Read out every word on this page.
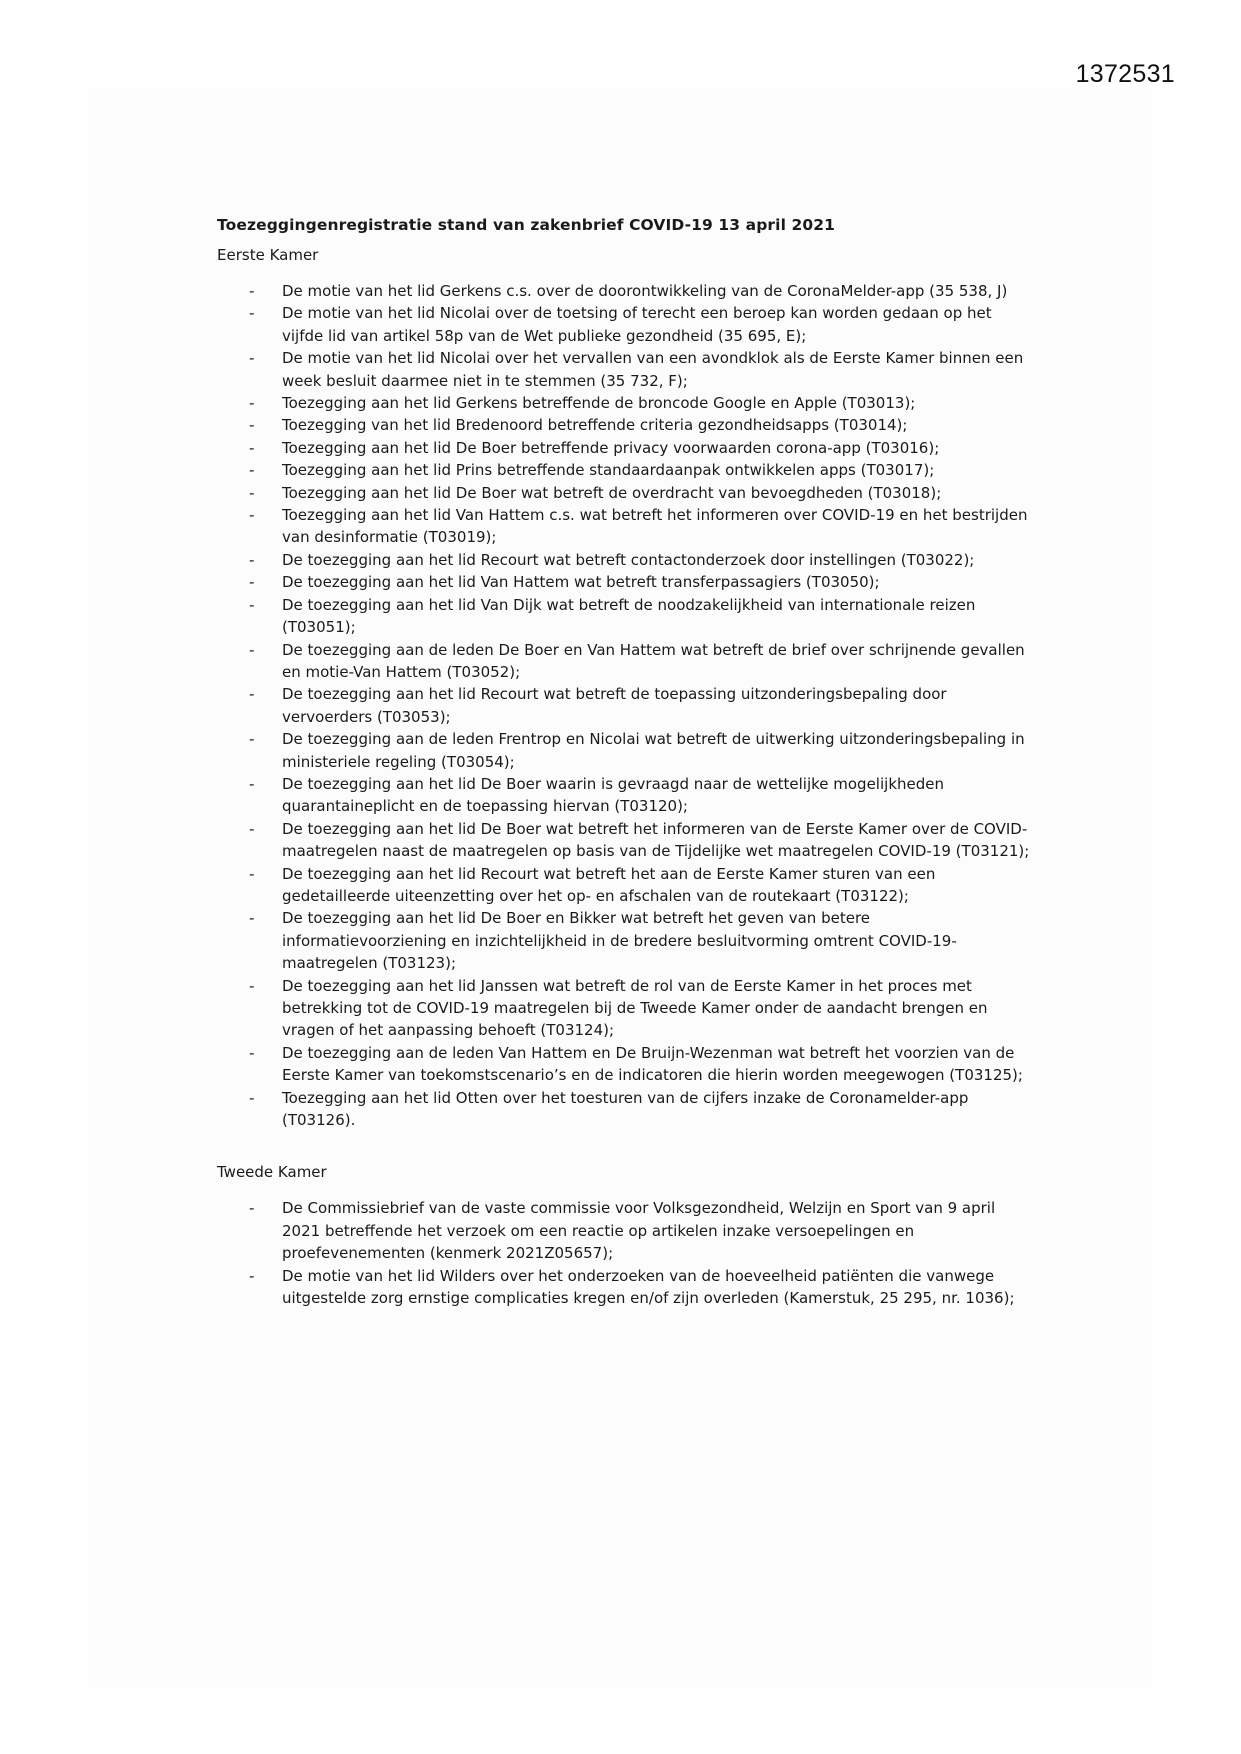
1372531
Toezeggingenregistratie stand van zakenbrief COVID-19 13 april 2021
Eerste Kamer
- De motie van het lid Gerkens c.s. over de doorontwikkeling van de CoronaMelder-app (35 538, J)
- De motie van het lid Nicolai over de toetsing of terecht een beroep kan worden gedaan op het vijfde lid van artikel 58p van de Wet publieke gezondheid (35 695, E);
- De motie van het lid Nicolai over het vervallen van een avondklok als de Eerste Kamer binnen een week besluit daarmee niet in te stemmen (35 732, F);
- Toezegging aan het lid Gerkens betreffende de broncode Google en Apple (T03013);
- Toezegging van het lid Bredenoord betreffende criteria gezondheidsapps (T03014);
- Toezegging aan het lid De Boer betreffende privacy voorwaarden corona-app (T03016);
- Toezegging aan het lid Prins betreffende standaardaanpak ontwikkelen apps (T03017);
- Toezegging aan het lid De Boer wat betreft de overdracht van bevoegdheden (T03018);
- Toezegging aan het lid Van Hattem c.s. wat betreft het informeren over COVID-19 en het bestrijden van desinformatie (T03019);
- De toezegging aan het lid Recourt wat betreft contactonderzoek door instellingen (T03022);
- De toezegging aan het lid Van Hattem wat betreft transferpassagiers (T03050);
- De toezegging aan het lid Van Dijk wat betreft de noodzakelijkheid van internationale reizen (T03051);
- De toezegging aan de leden De Boer en Van Hattem wat betreft de brief over schrijnende gevallen en motie-Van Hattem (T03052);
- De toezegging aan het lid Recourt wat betreft de toepassing uitzonderingsbepaling door vervoerders (T03053);
- De toezegging aan de leden Frentrop en Nicolai wat betreft de uitwerking uitzonderingsbepaling in ministeriele regeling (T03054);
- De toezegging aan het lid De Boer waarin is gevraagd naar de wettelijke mogelijkheden quarantaineplicht en de toepassing hiervan (T03120);
- De toezegging aan het lid De Boer wat betreft het informeren van de Eerste Kamer over de COVID-maatregelen naast de maatregelen op basis van de Tijdelijke wet maatregelen COVID-19 (T03121);
- De toezegging aan het lid Recourt wat betreft het aan de Eerste Kamer sturen van een gedetailleerde uiteenzetting over het op- en afschalen van de routekaart (T03122);
- De toezegging aan het lid De Boer en Bikker wat betreft het geven van betere informatievoorziening en inzichtelijkheid in de bredere besluitvorming omtrent COVID-19-maatregelen (T03123);
- De toezegging aan het lid Janssen wat betreft de rol van de Eerste Kamer in het proces met betrekking tot de COVID-19 maatregelen bij de Tweede Kamer onder de aandacht brengen en vragen of het aanpassing behoeft (T03124);
- De toezegging aan de leden Van Hattem en De Bruijn-Wezenman wat betreft het voorzien van de Eerste Kamer van toekomstscenario’s en de indicatoren die hierin worden meegewogen (T03125);
- Toezegging aan het lid Otten over het toesturen van de cijfers inzake de Coronamelder-app (T03126).
Tweede Kamer
- De Commissiebrief van de vaste commissie voor Volksgezondheid, Welzijn en Sport van 9 april 2021 betreffende het verzoek om een reactie op artikelen inzake versoepelingen en proefevenementen (kenmerk 2021Z05657);
- De motie van het lid Wilders over het onderzoeken van de hoeveelheid patiënten die vanwege uitgestelde zorg ernstige complicaties kregen en/of zijn overleden (Kamerstuk, 25 295, nr. 1036);
